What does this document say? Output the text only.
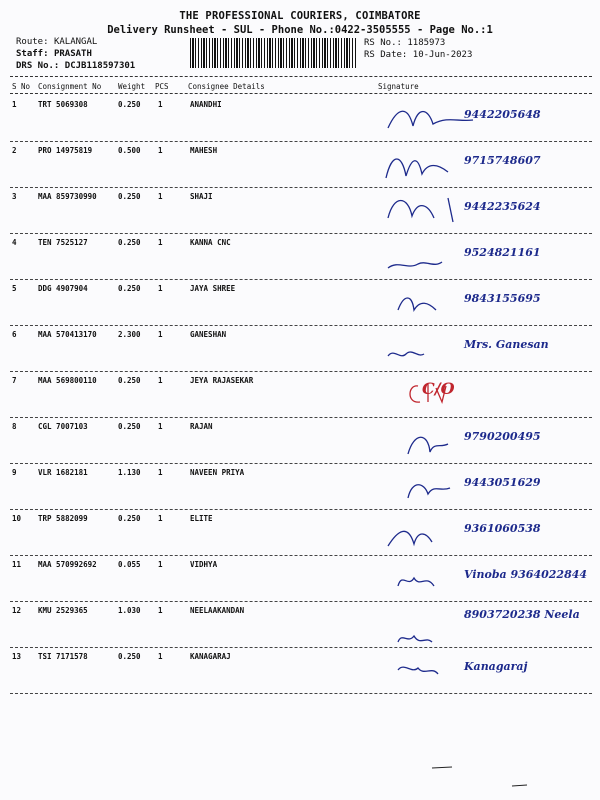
THE PROFESSIONAL COURIERS, COIMBATORE
Delivery Runsheet - SUL - Phone No.:0422-3505555 - Page No.:1
Route: KALANGAL
Staff: PRASATH
DRS No.: DCJB118597301
RS No.: 1185973
RS Date: 10-Jun-2023
S No Consignment No Weight PCS	Consignee Details	Signature
1	TRT 5069308	0.250 1	ANANDHI
9442205648
2	PRO 14975819	0.500 1	MAHESH
9715748607
3	MAA 859730990	0.250 1	SHAJI
9442235624
4	TEN 7525127	0.250 1	KANNA CNC
9524821161
5	DDG 4907904	0.250 1	JAYA SHREE
9843155695
6	MAA 570413170	2.300 1	GANESHAN
Mrs. Ganesan
7	MAA 569800110	0.250 1	JEYA RAJASEKAR	C/O
8	CGL 7007103	0.250 1	RAJAN
9790200495
9	VLR 1682181	1.130 1	NAVEEN PRIYA
9443051629
10 TRP 5882099	0.250 1	ELITE
9361060538
11 MAA 570992692	0.055 1	VIDHYA
Vinoba 9364022844
12 KMU 2529365	1.030 1	NEELAAKANDAN	8903720238 Neela
13 TSI 7171578	0.250 1	KANAGARAJ
Kanagaraj
